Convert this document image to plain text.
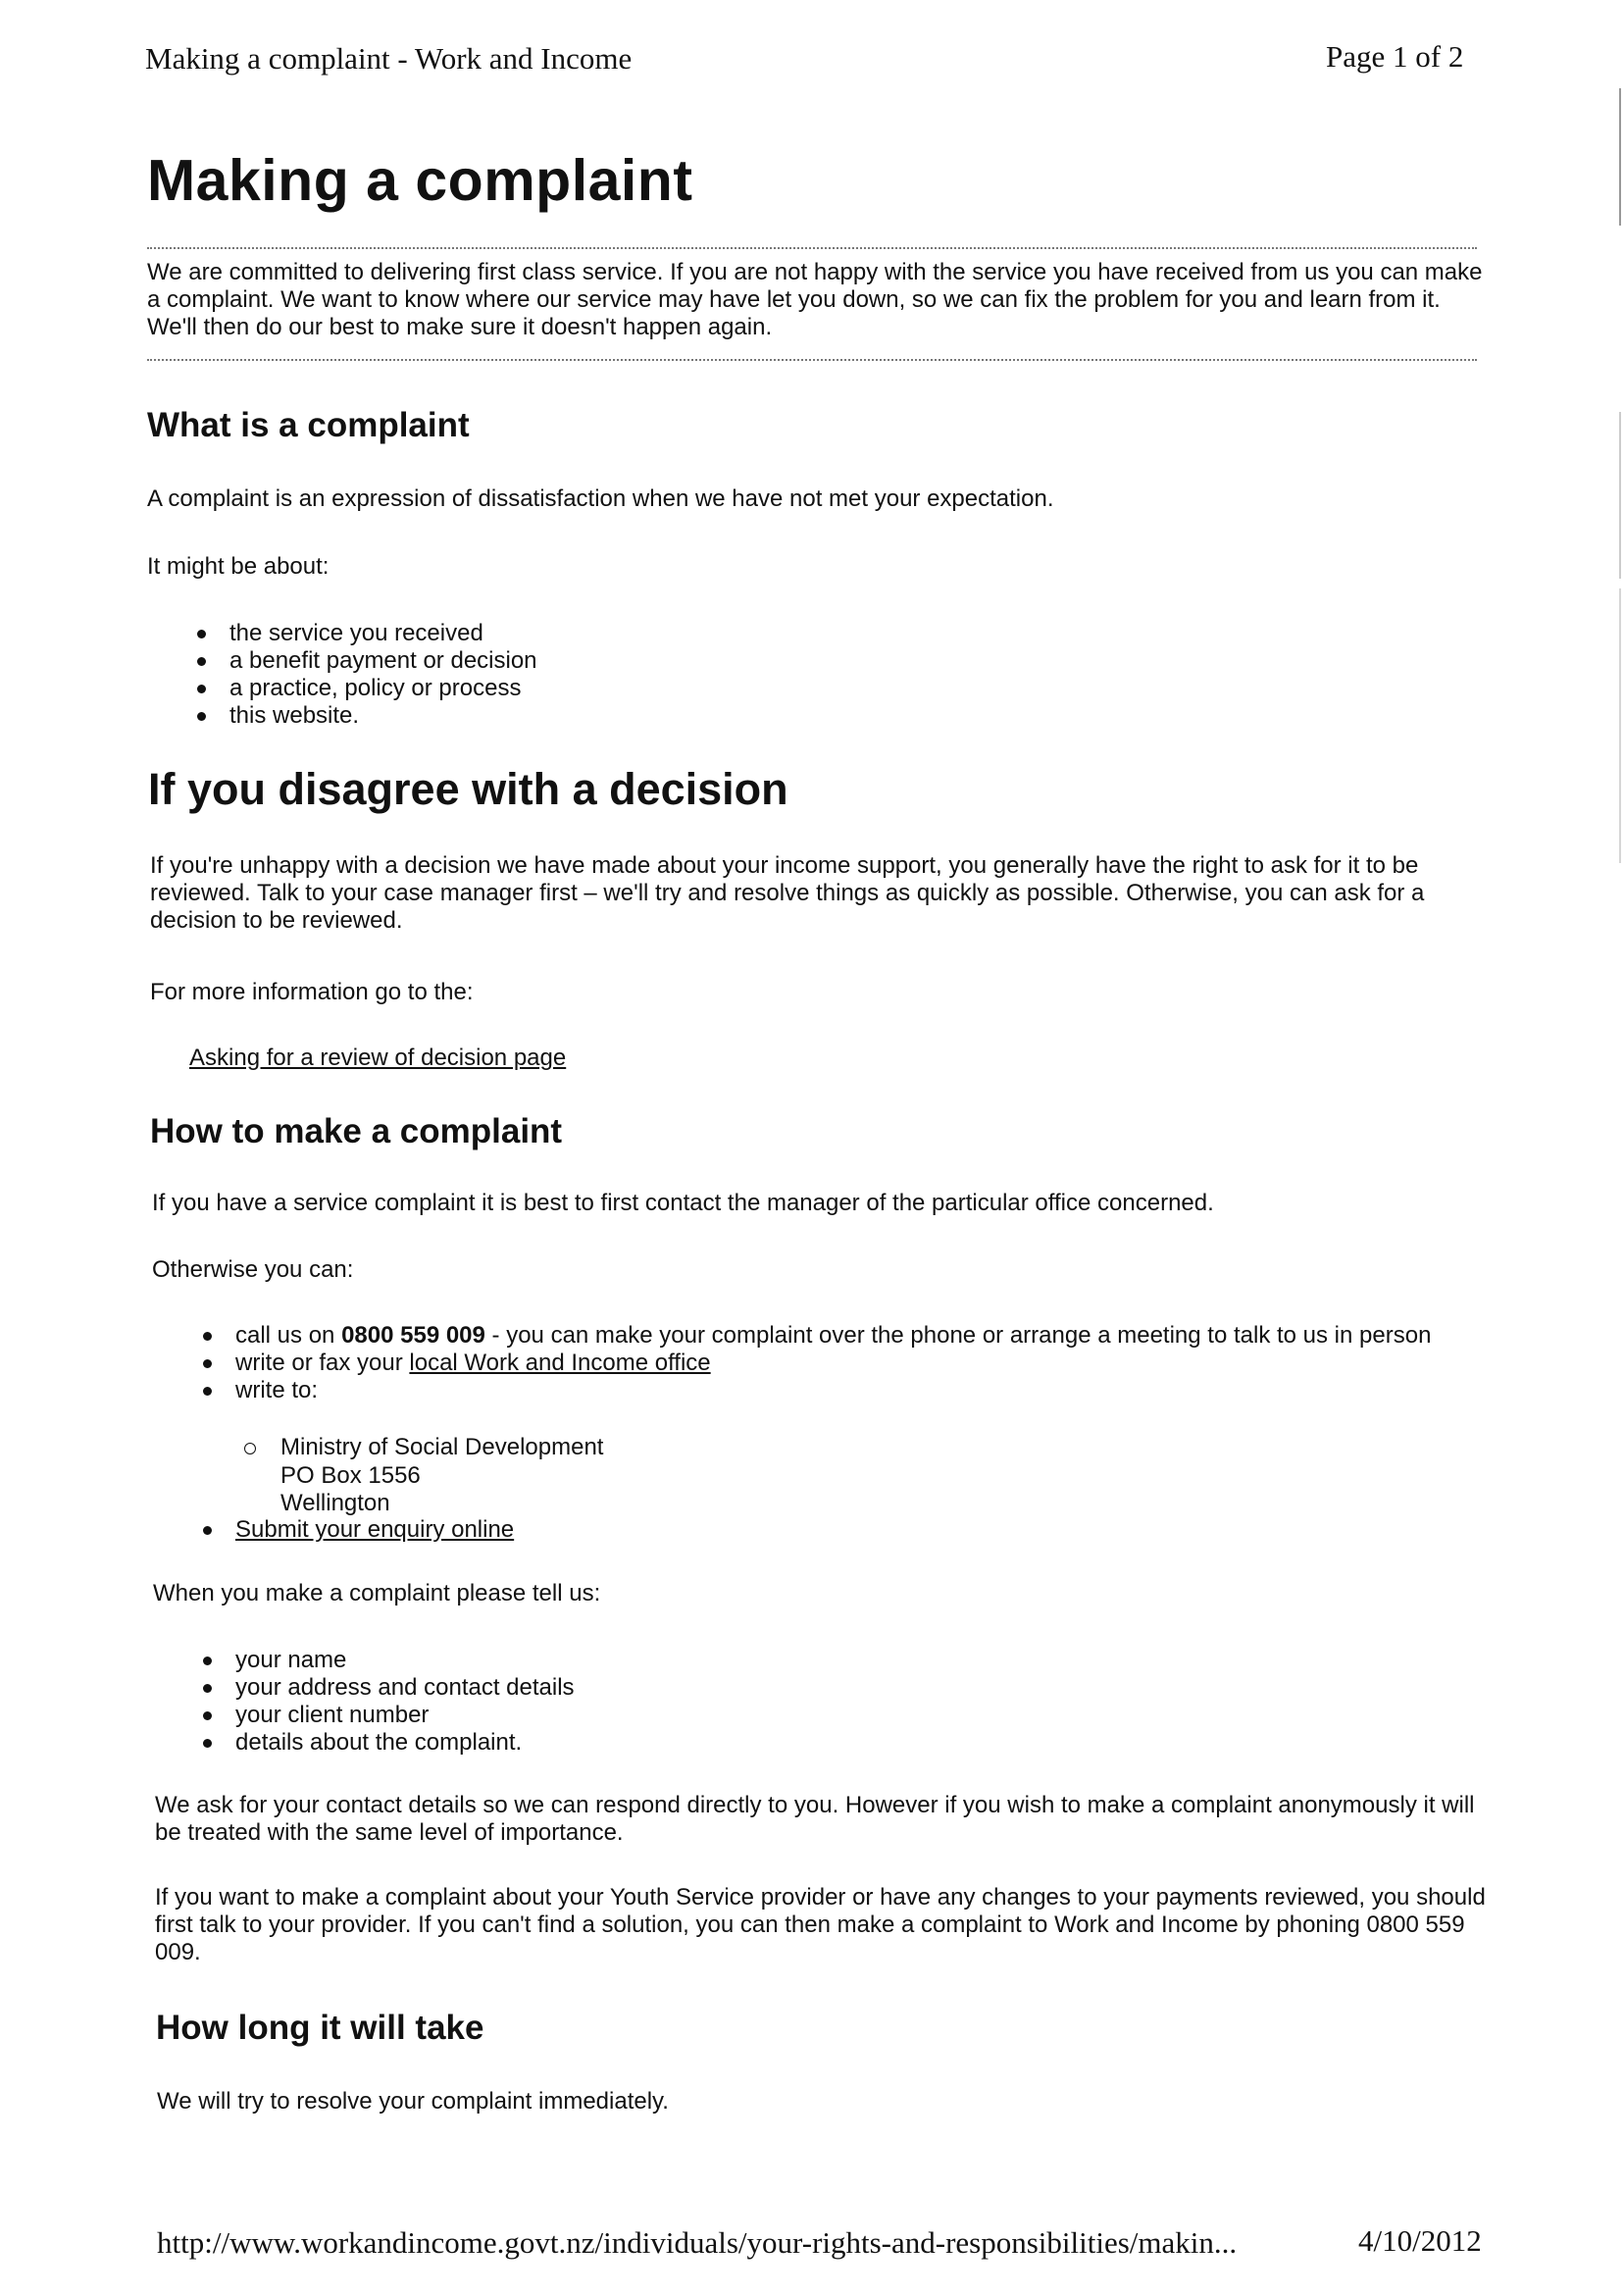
Making a complaint - Work and Income	Page 1 of 2
Making a complaint

We are committed to delivering first class service. If you are not happy with the service you have received from us you can make a complaint. We want to know where our service may have let you down, so we can fix the problem for you and learn from it. We'll then do our best to make sure it doesn't happen again.

What is a complaint

A complaint is an expression of dissatisfaction when we have not met your expectation.

It might be about:

the service you received
a benefit payment or decision
a practice, policy or process
this website.
If you disagree with a decision

If you're unhappy with a decision we have made about your income support, you generally have the right to ask for it to be reviewed. Talk to your case manager first – we'll try and resolve things as quickly as possible. Otherwise, you can ask for a decision to be reviewed.

For more information go to the:

Asking for a review of decision page
How to make a complaint

If you have a service complaint it is best to first contact the manager of the particular office concerned.

Otherwise you can:

call us on 0800 559 009 - you can make your complaint over the phone or arrange a meeting to talk to us in person
write or fax your local Work and Income office
write to:
Submit your enquiry online
Ministry of Social Development
PO Box 1556
Wellington

When you make a complaint please tell us:

your name
your address and contact details
your client number
details about the complaint.

We ask for your contact details so we can respond directly to you. However if you wish to make a complaint anonymously it will be treated with the same level of importance.

If you want to make a complaint about your Youth Service provider or have any changes to your payments reviewed, you should first talk to your provider. If you can't find a solution, you can then make a complaint to Work and Income by phoning 0800 559 009.

How long it will take

We will try to resolve your complaint immediately.

http://www.workandincome.govt.nz/individuals/your-rights-and-responsibilities/makin...	4/10/2012
